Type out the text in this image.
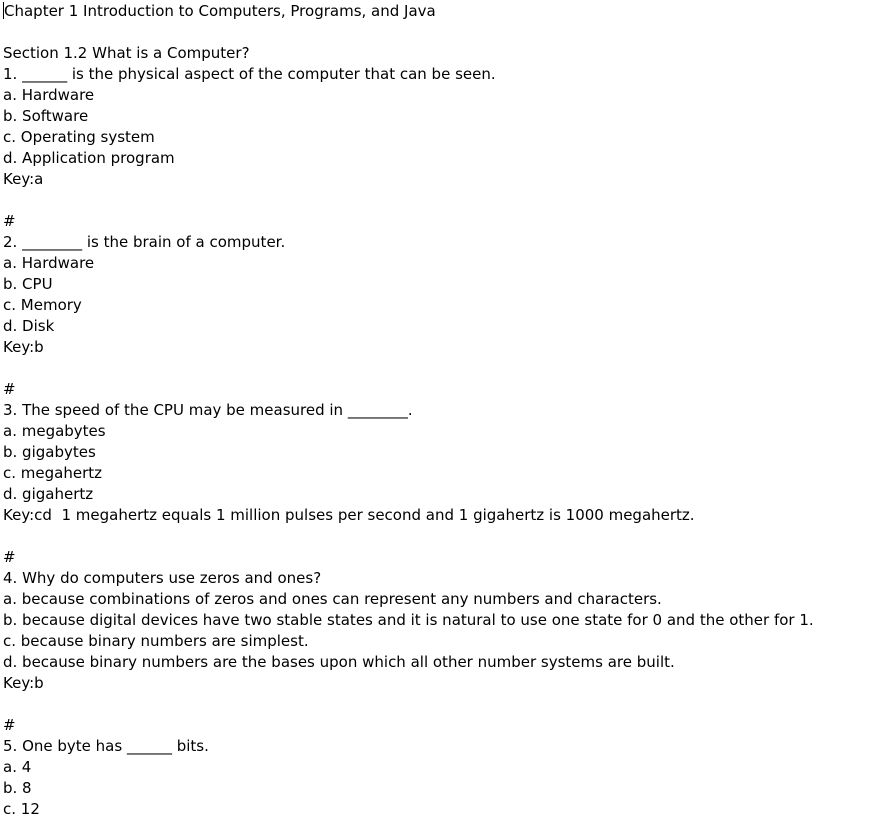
Chapter 1 Introduction to Computers, Programs, and Java
Section 1.2 What is a Computer?
1. ______ is the physical aspect of the computer that can be seen.
a. Hardware
b. Software
c. Operating system
d. Application program
Key:a
#
2. ________ is the brain of a computer.
a. Hardware
b. CPU
c. Memory
d. Disk
Key:b
#
3. The speed of the CPU may be measured in ________.
a. megabytes
b. gigabytes
c. megahertz
d. gigahertz
Key:cd  1 megahertz equals 1 million pulses per second and 1 gigahertz is 1000 megahertz.
#
4. Why do computers use zeros and ones?
a. because combinations of zeros and ones can represent any numbers and characters.
b. because digital devices have two stable states and it is natural to use one state for 0 and the other for 1.
c. because binary numbers are simplest.
d. because binary numbers are the bases upon which all other number systems are built.
Key:b
#
5. One byte has ______ bits.
a. 4
b. 8
c. 12
